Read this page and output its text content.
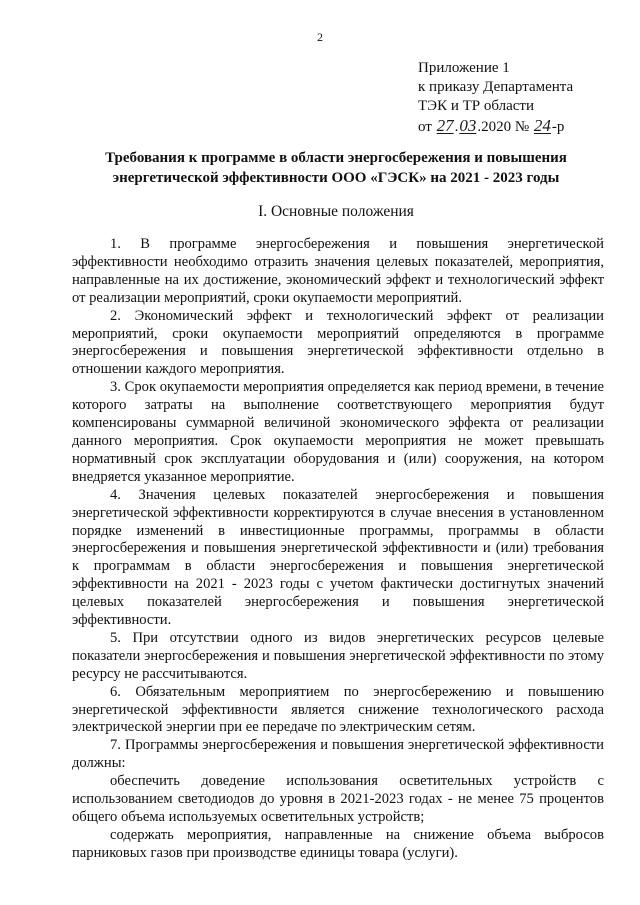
2
Приложение 1
к приказу Департамента
ТЭК и ТР области
от 27.03.2020 № 24-р
Требования к программе в области энергосбережения и повышения энергетической эффективности ООО «ГЭСК» на 2021 - 2023 годы
I. Основные положения

1. В программе энергосбережения и повышения энергетической эффективности необходимо отразить значения целевых показателей, мероприятия, направленные на их достижение, экономический эффект и технологический эффект от реализации мероприятий, сроки окупаемости мероприятий.

2. Экономический эффект и технологический эффект от реализации мероприятий, сроки окупаемости мероприятий определяются в программе энергосбережения и повышения энергетической эффективности отдельно в отношении каждого мероприятия.

3. Срок окупаемости мероприятия определяется как период времени, в течение которого затраты на выполнение соответствующего мероприятия будут компенсированы суммарной величиной экономического эффекта от реализации данного мероприятия. Срок окупаемости мероприятия не может превышать нормативный срок эксплуатации оборудования и (или) сооружения, на котором внедряется указанное мероприятие.

4. Значения целевых показателей энергосбережения и повышения энергетической эффективности корректируются в случае внесения в установленном порядке изменений в инвестиционные программы, программы в области энергосбережения и повышения энергетической эффективности и (или) требования к программам в области энергосбережения и повышения энергетической эффективности на 2021 - 2023 годы с учетом фактически достигнутых значений целевых показателей энергосбережения и повышения энергетической эффективности.

5. При отсутствии одного из видов энергетических ресурсов целевые показатели энергосбережения и повышения энергетической эффективности по этому ресурсу не рассчитываются.

6. Обязательным мероприятием по энергосбережению и повышению энергетической эффективности является снижение технологического расхода электрической энергии при ее передаче по электрическим сетям.

7. Программы энергосбережения и повышения энергетической эффективности должны:

обеспечить доведение использования осветительных устройств с использованием светодиодов до уровня в 2021-2023 годах - не менее 75 процентов общего объема используемых осветительных устройств;

содержать мероприятия, направленные на снижение объема выбросов парниковых газов при производстве единицы товара (услуги).
